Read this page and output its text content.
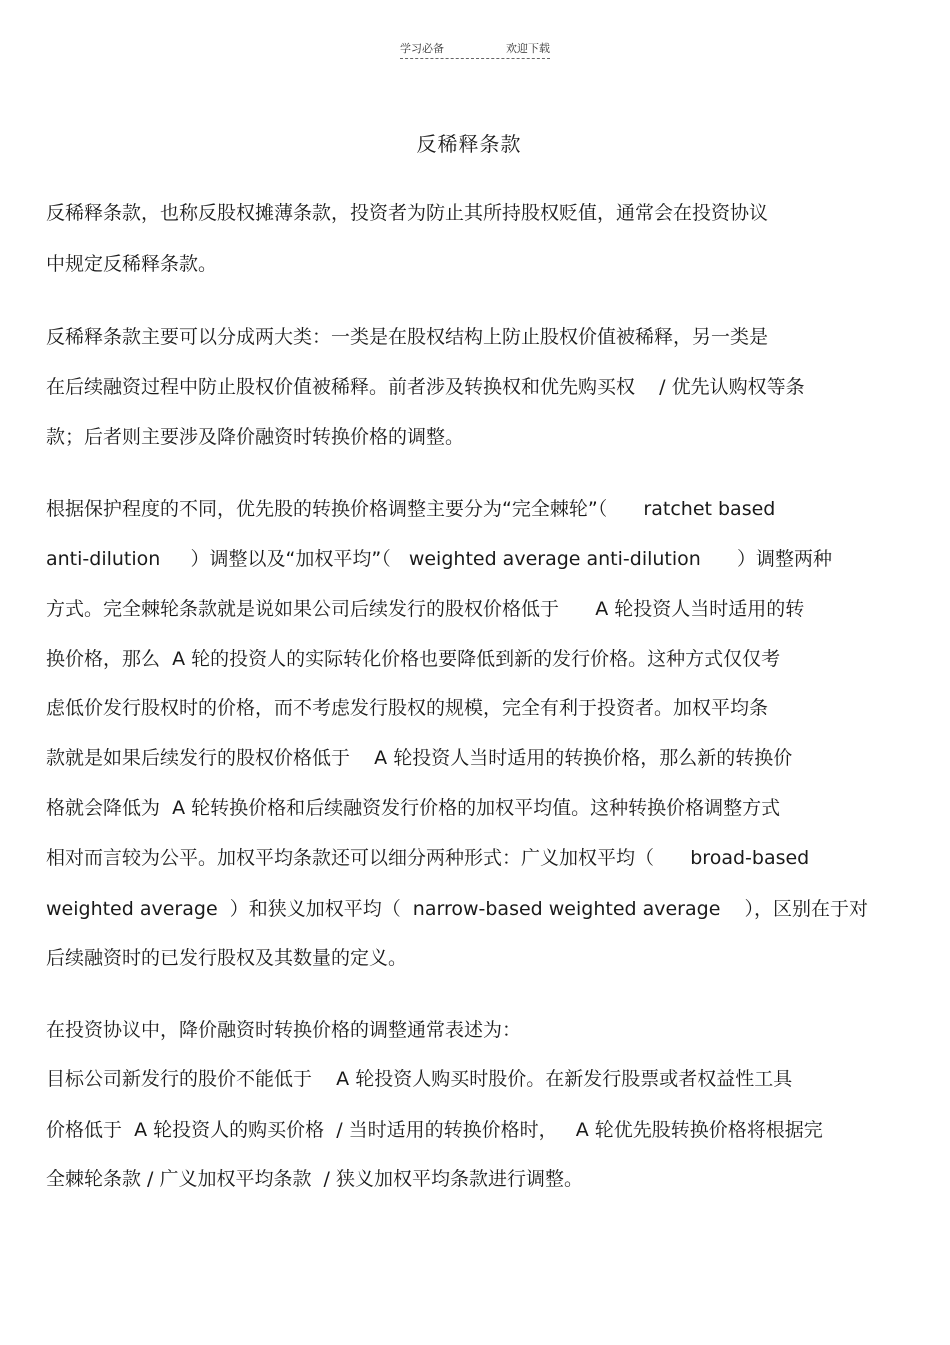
学习必备	欢迎下载
反稀释条款
反稀释条款，也称反股权摊薄条款，投资者为防止其所持股权贬值，通常会在投资协议
中规定反稀释条款。
反稀释条款主要可以分成两大类：一类是在股权结构上防止股权价值被稀释，另一类是
在后续融资过程中防止股权价值被稀释。前者涉及转换权和优先购买权    / 优先认购权等条
款；后者则主要涉及降价融资时转换价格的调整。
根据保护程度的不同，优先股的转换价格调整主要分为“完全棘轮”（      ratchet based
anti-dilution     ）调整以及“加权平均”（   weighted average anti-dilution      ）调整两种
方式。完全棘轮条款就是说如果公司后续发行的股权价格低于      A 轮投资人当时适用的转
换价格，那么  A 轮的投资人的实际转化价格也要降低到新的发行价格。这种方式仅仅考
虑低价发行股权时的价格，而不考虑发行股权的规模，完全有利于投资者。加权平均条
款就是如果后续发行的股权价格低于    A 轮投资人当时适用的转换价格，那么新的转换价
格就会降低为  A 轮转换价格和后续融资发行价格的加权平均值。这种转换价格调整方式
相对而言较为公平。加权平均条款还可以细分两种形式：广义加权平均（      broad-based
weighted average  ）和狭义加权平均（  narrow-based weighted average    ），区别在于对
后续融资时的已发行股权及其数量的定义。
在投资协议中，降价融资时转换价格的调整通常表述为：
目标公司新发行的股价不能低于    A 轮投资人购买时股价。在新发行股票或者权益性工具
价格低于  A 轮投资人的购买价格  / 当时适用的转换价格时，   A 轮优先股转换价格将根据完
全棘轮条款 / 广义加权平均条款  / 狭义加权平均条款进行调整。
